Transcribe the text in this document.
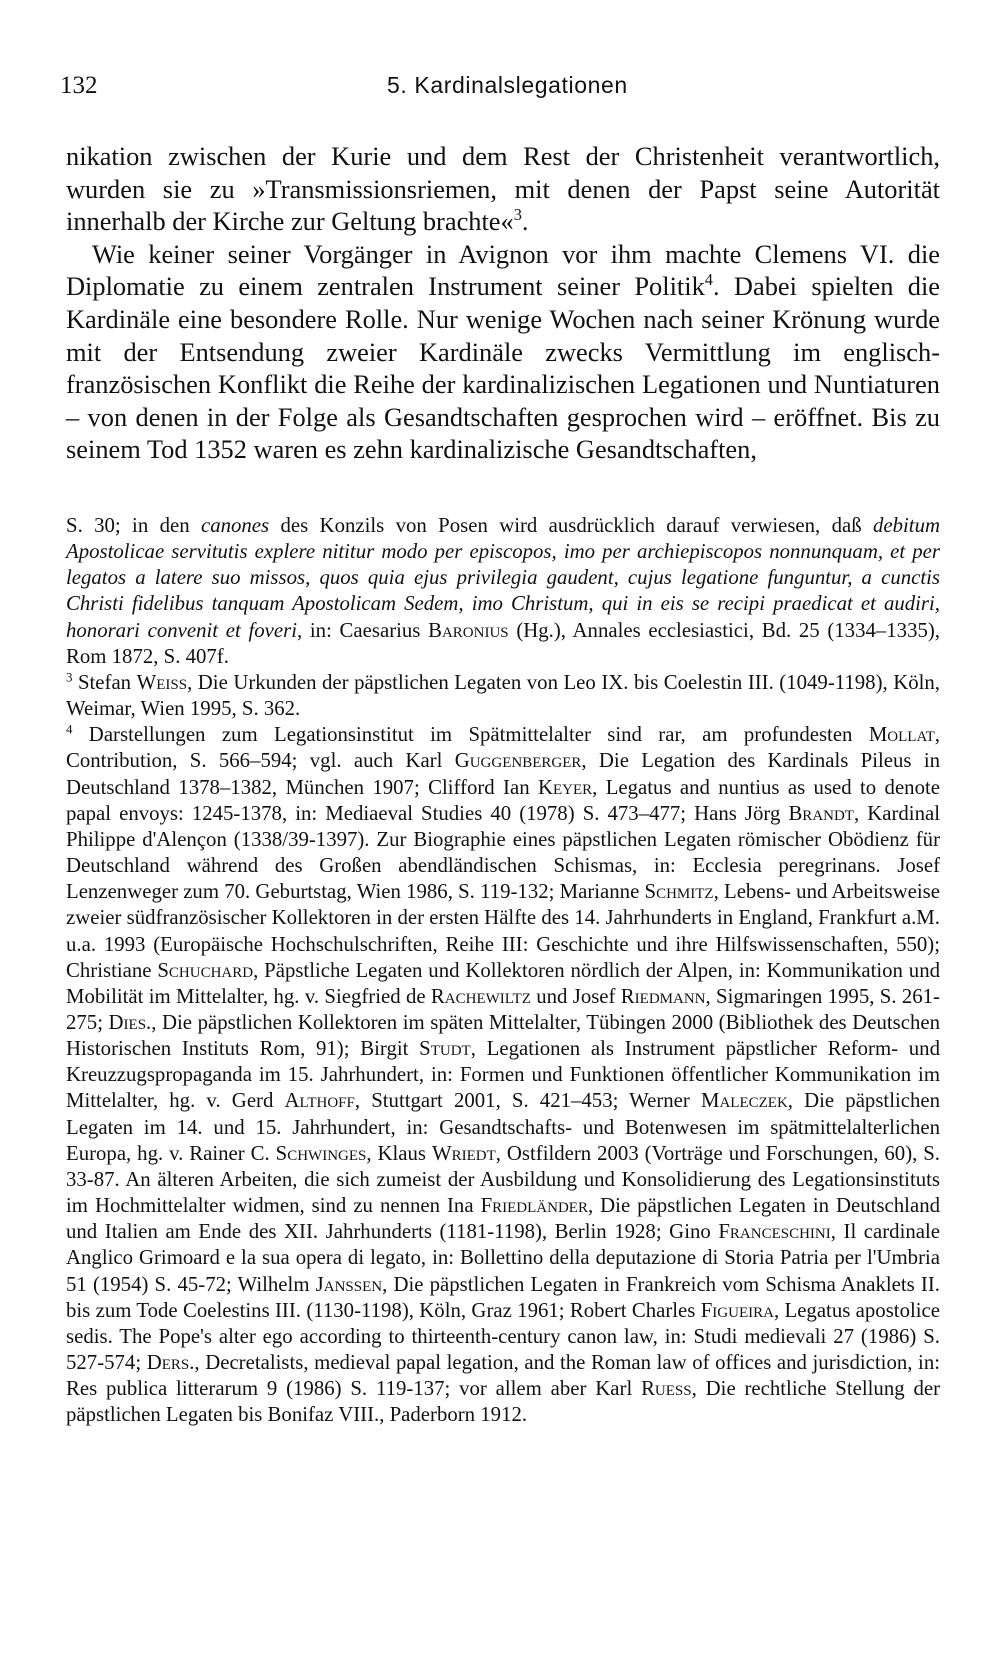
132	5. Kardinalslegationen

nikation zwischen der Kurie und dem Rest der Christenheit verantwortlich, wurden sie zu »Transmissionsriemen, mit denen der Papst seine Autorität innerhalb der Kirche zur Geltung brachte«$^3$.

Wie keiner seiner Vorgänger in Avignon vor ihm machte Clemens VI. die Diplomatie zu einem zentralen Instrument seiner Politik$^4$. Dabei spielten die Kardinäle eine besondere Rolle. Nur wenige Wochen nach seiner Krönung wurde mit der Entsendung zweier Kardinäle zwecks Vermittlung im englisch-französischen Konflikt die Reihe der kardinalizischen Legationen und Nuntiaturen – von denen in der Folge als Gesandtschaften gesprochen wird – eröffnet. Bis zu seinem Tod 1352 waren es zehn kardinalizische Gesandtschaften,

S. 30; in den canones des Konzils von Posen wird ausdrücklich darauf verwiesen, daß debitum Apostolicae servitutis explere nititur modo per episcopos, imo per archiepiscopos nonnunquam, et per legatos a latere suo missos, quos quia ejus privilegia gaudent, cujus legatione funguntur, a cunctis Christi fidelibus tanquam Apostolicam Sedem, imo Christum, qui in eis se recipi praedicat et audiri, honorari convenit et foveri, in: Caesarius Baronius (Hg.), Annales ecclesiastici, Bd. 25 (1334–1335), Rom 1872, S. 407f.

$^3$ Stefan Weiss, Die Urkunden der päpstlichen Legaten von Leo IX. bis Coelestin III. (1049-1198), Köln, Weimar, Wien 1995, S. 362.

$^4$ Darstellungen zum Legationsinstitut im Spätmittelalter sind rar, am profundesten Mollat, Contribution, S. 566–594; vgl. auch Karl Guggenberger, Die Legation des Kardinals Pileus in Deutschland 1378–1382, München 1907; Clifford Ian Keyer, Legatus and nuntius as used to denote papal envoys: 1245-1378, in: Mediaeval Studies 40 (1978) S. 473–477; Hans Jörg Brandt, Kardinal Philippe d'Alençon (1338/39-1397). Zur Biographie eines päpstlichen Legaten römischer Obödienz für Deutschland während des Großen abendländischen Schismas, in: Ecclesia peregrinans. Josef Lenzenweger zum 70. Geburtstag, Wien 1986, S. 119-132; Marianne Schmitz, Lebens- und Arbeitsweise zweier südfranzösischer Kollektoren in der ersten Hälfte des 14. Jahrhunderts in England, Frankfurt a.M. u.a. 1993 (Europäische Hochschulschriften, Reihe III: Geschichte und ihre Hilfswissenschaften, 550); Christiane Schuchard, Päpstliche Legaten und Kollektoren nördlich der Alpen, in: Kommunikation und Mobilität im Mittelalter, hg. v. Siegfried de Rachewiltz und Josef Riedmann, Sigmaringen 1995, S. 261-275; Dies., Die päpstlichen Kollektoren im späten Mittelalter, Tübingen 2000 (Bibliothek des Deutschen Historischen Instituts Rom, 91); Birgit Studt, Legationen als Instrument päpstlicher Reform- und Kreuzzugspropaganda im 15. Jahrhundert, in: Formen und Funktionen öffentlicher Kommunikation im Mittelalter, hg. v. Gerd Althoff, Stuttgart 2001, S. 421–453; Werner Maleczek, Die päpstlichen Legaten im 14. und 15. Jahrhundert, in: Gesandtschafts- und Botenwesen im spätmittelalterlichen Europa, hg. v. Rainer C. Schwinges, Klaus Wriedt, Ostfildern 2003 (Vorträge und Forschungen, 60), S. 33-87. An älteren Arbeiten, die sich zumeist der Ausbildung und Konsolidierung des Legationsinstituts im Hochmittelalter widmen, sind zu nennen Ina Friedländer, Die päpstlichen Legaten in Deutschland und Italien am Ende des XII. Jahrhunderts (1181-1198), Berlin 1928; Gino Franceschini, Il cardinale Anglico Grimoard e la sua opera di legato, in: Bollettino della deputazione di Storia Patria per l'Umbria 51 (1954) S. 45-72; Wilhelm Janssen, Die päpstlichen Legaten in Frankreich vom Schisma Anaklets II. bis zum Tode Coelestins III. (1130-1198), Köln, Graz 1961; Robert Charles Figueira, Legatus apostolice sedis. The Pope's alter ego according to thirteenth-century canon law, in: Studi medievali 27 (1986) S. 527-574; Ders., Decretalists, medieval papal legation, and the Roman law of offices and jurisdiction, in: Res publica litterarum 9 (1986) S. 119-137; vor allem aber Karl Ruess, Die rechtliche Stellung der päpstlichen Legaten bis Bonifaz VIII., Paderborn 1912.
